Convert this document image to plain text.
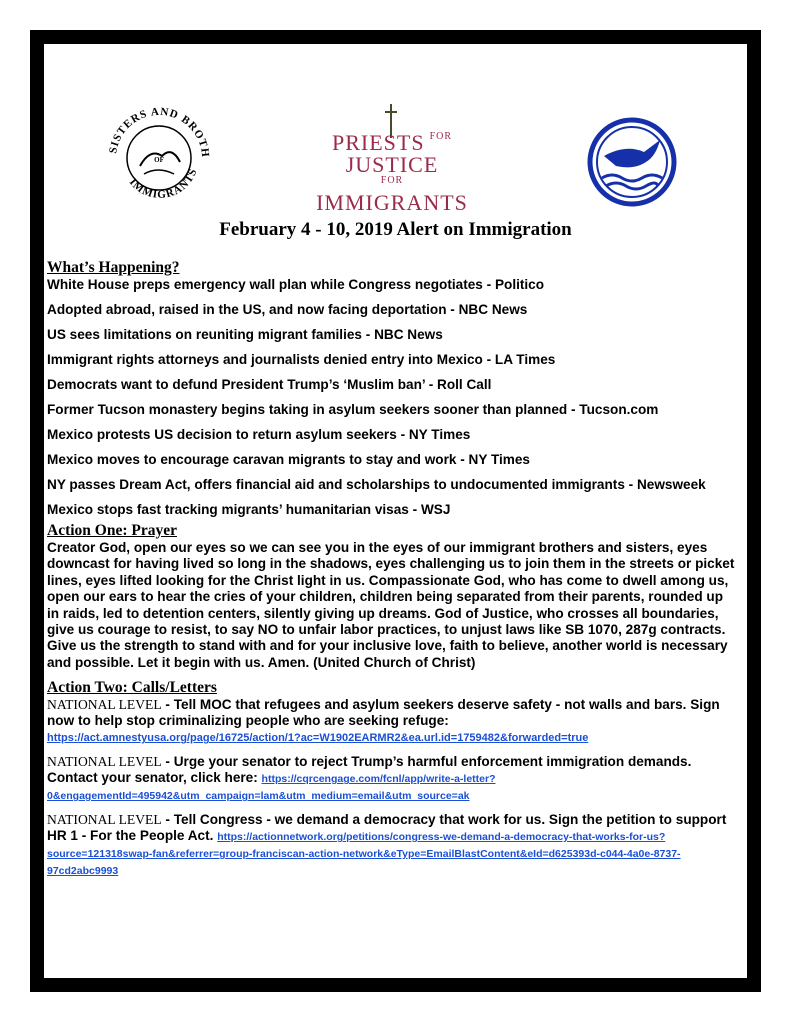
SISTERS AND BROTH
OF
IMMIGRANTS
PRIESTS $^{FOR}$
JUSTICE
$^{FOR}$ IMMIGRANTS
February 4 - 10, 2019 Alert on Immigration
What’s Happening?
White House preps emergency wall plan while Congress negotiates - Politico
Adopted abroad, raised in the US, and now facing deportation - NBC News
US sees limitations on reuniting migrant families - NBC News
Immigrant rights attorneys and journalists denied entry into Mexico - LA Times
Democrats want to defund President Trump’s ‘Muslim ban’ - Roll Call
Former Tucson monastery begins taking in asylum seekers sooner than planned - Tucson.com
Mexico protests US decision to return asylum seekers - NY Times
Mexico moves to encourage caravan migrants to stay and work - NY Times
NY passes Dream Act, offers financial aid and scholarships to undocumented immigrants - Newsweek
Mexico stops fast tracking migrants’ humanitarian visas - WSJ
Action One: Prayer
Creator God, open our eyes so we can see you in the eyes of our immigrant brothers and sisters, eyes downcast for having lived so long in the shadows, eyes challenging us to join them in the streets or picket lines, eyes lifted looking for the Christ light in us. Compassionate God, who has come to dwell among us, open our ears to hear the cries of your children, children being separated from their parents, rounded up in raids, led to detention centers, silently giving up dreams. God of Justice, who crosses all boundaries, give us courage to resist, to say NO to unfair labor practices, to unjust laws like SB 1070, 287g contracts. Give us the strength to stand with and for your inclusive love, faith to believe, another world is necessary and possible. Let it begin with us. Amen. (United Church of Christ)
Action Two: Calls/Letters
NATIONAL LEVEL - Tell MOC that refugees and asylum seekers deserve safety - not walls and bars. Sign now to help stop criminalizing people who are seeking refuge:
https://act.amnestyusa.org/page/16725/action/1?ac=W1902EARMR2&ea.url.id=1759482&forwarded=true
NATIONAL LEVEL - Urge your senator to reject Trump’s harmful enforcement immigration demands. Contact your senator, click here: https://cqrcengage.com/fcnl/app/write-a-letter?0&engagementId=495942&utm_campaign=lam&utm_medium=email&utm_source=ak
NATIONAL LEVEL - Tell Congress - we demand a democracy that work for us. Sign the petition to support HR 1 - For the People Act. https://actionnetwork.org/petitions/congress-we-demand-a-democracy-that-works-for-us?source=121318swap-fan&referrer=group-franciscan-action-network&eType=EmailBlastContent&eId=d625393d-c044-4a0e-8737-97cd2abc9993
